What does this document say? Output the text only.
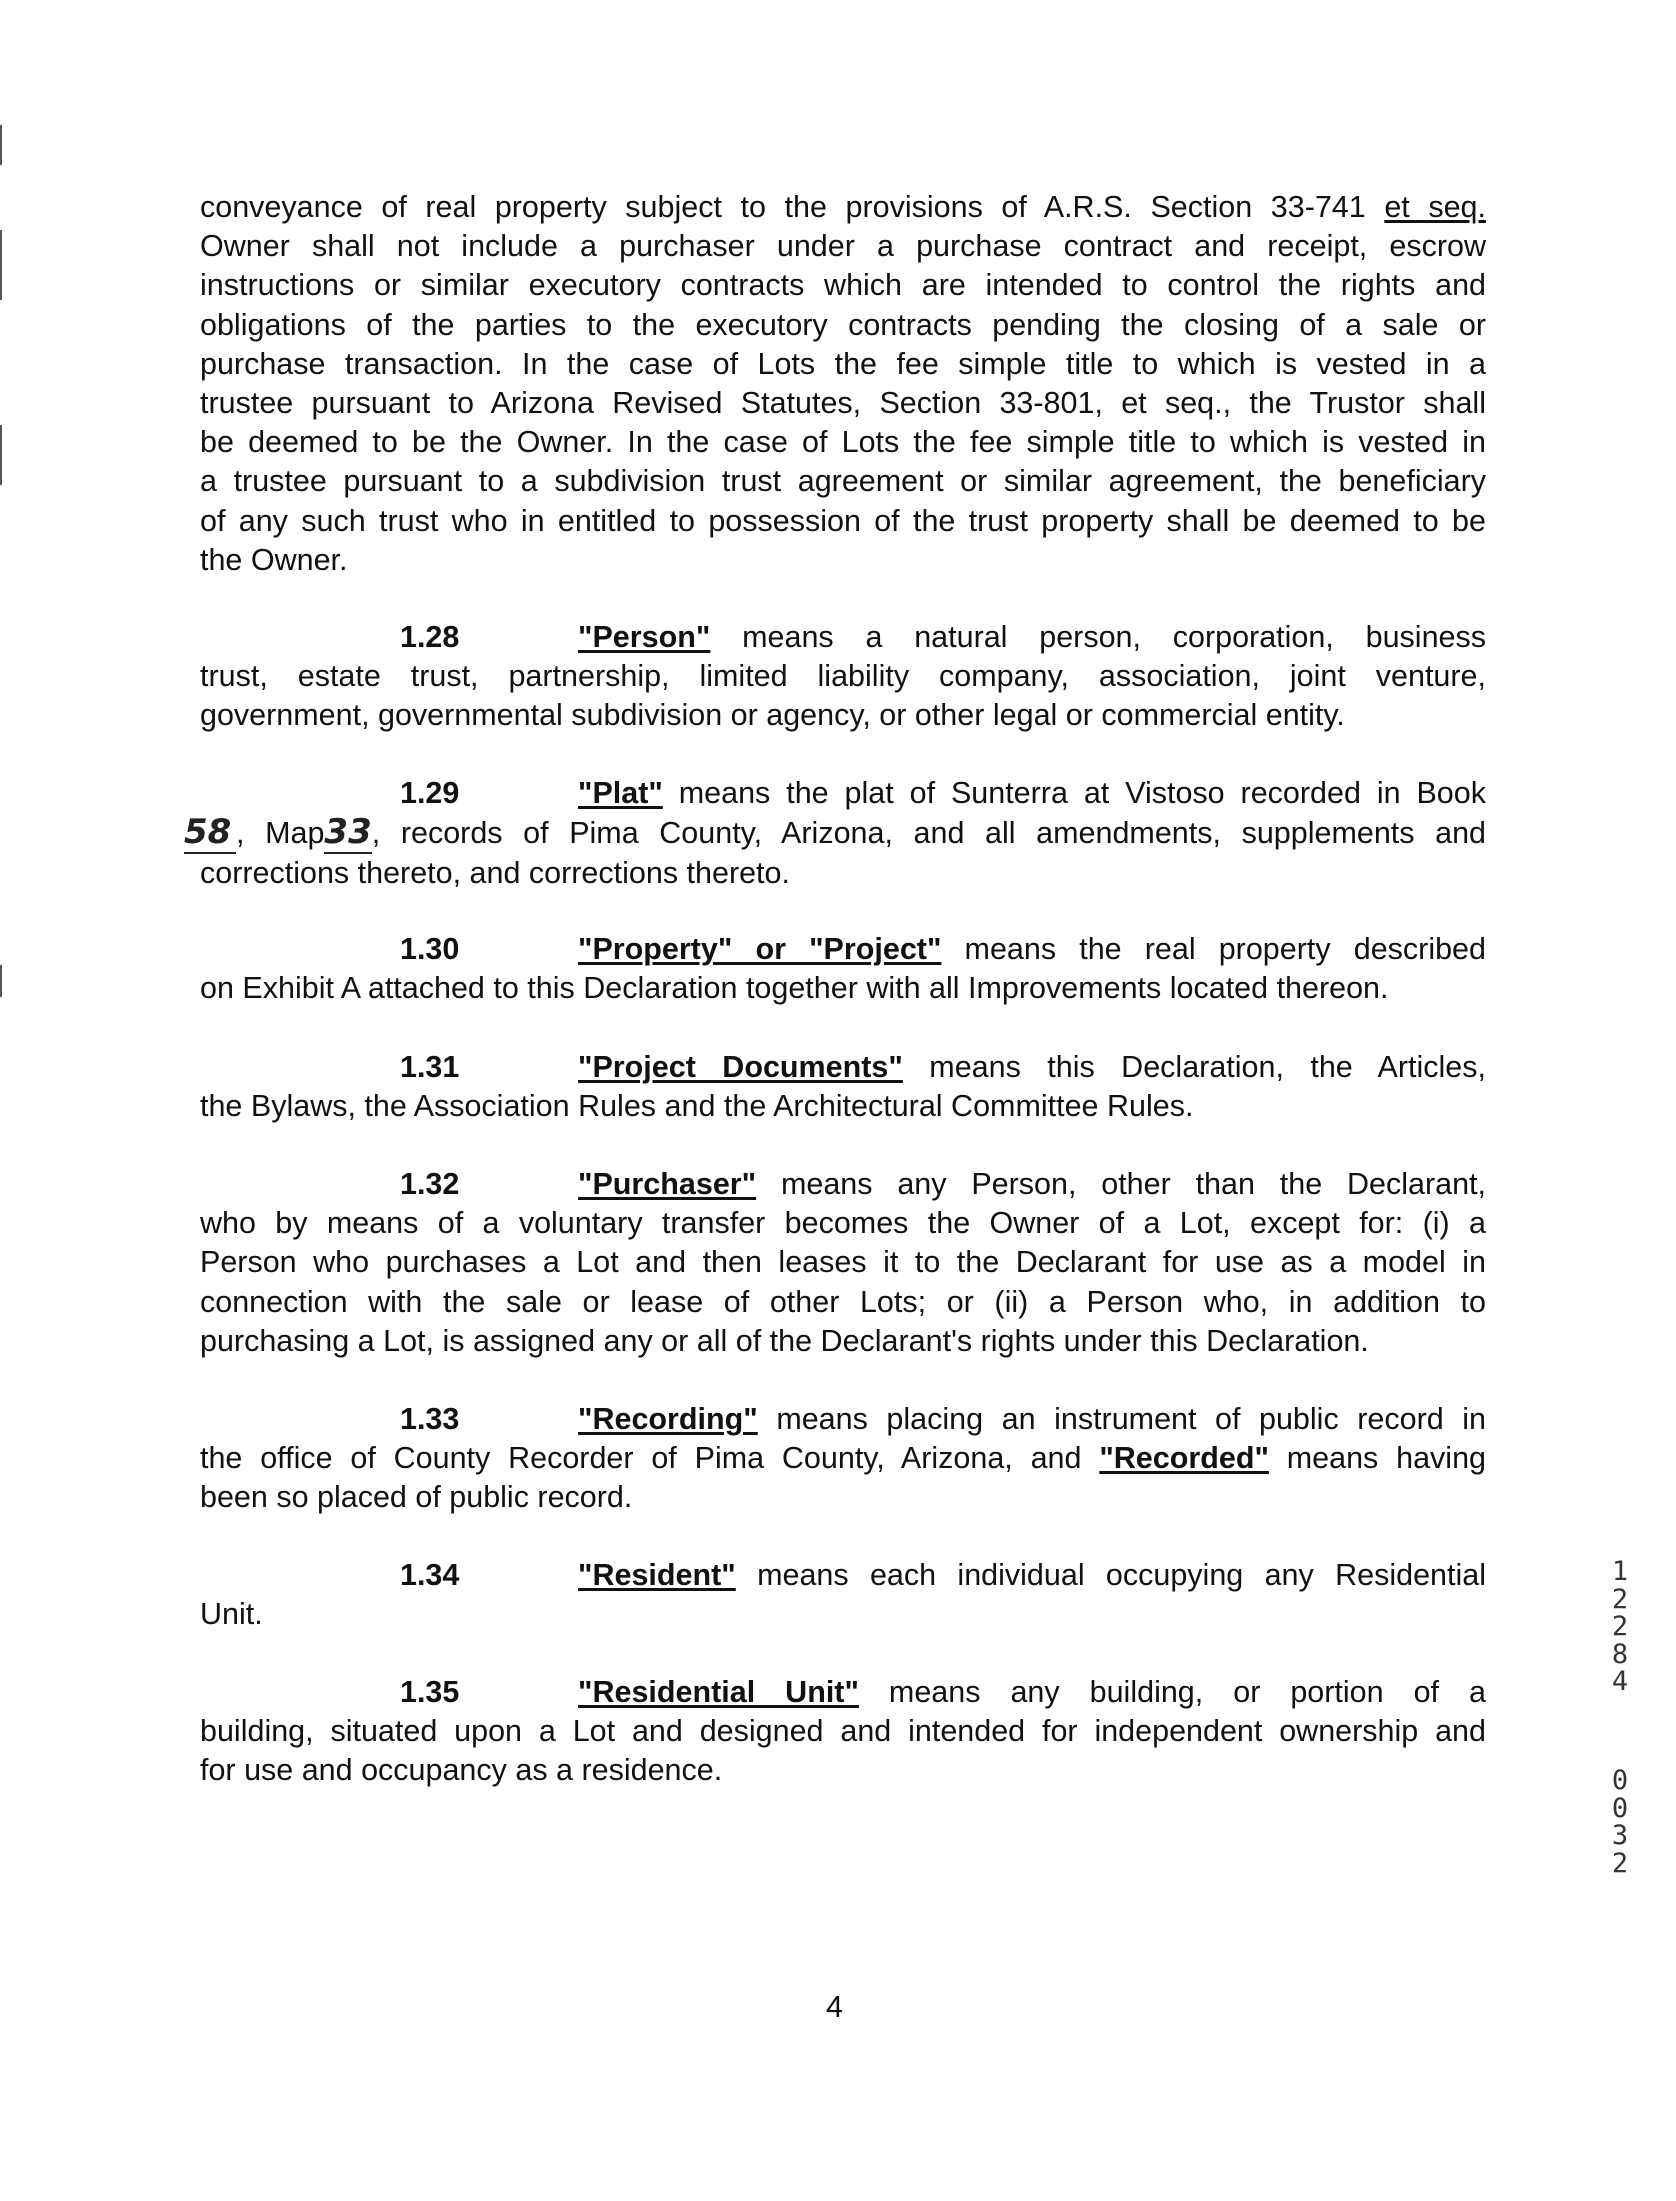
conveyance of real property subject to the provisions of A.R.S. Section 33-741 et seq.
Owner shall not include a purchaser under a purchase contract and receipt, escrow
instructions or similar executory contracts which are intended to control the rights and
obligations of the parties to the executory contracts pending the closing of a sale or
purchase transaction. In the case of Lots the fee simple title to which is vested in a
trustee pursuant to Arizona Revised Statutes, Section 33-801, et seq., the Trustor shall
be deemed to be the Owner. In the case of Lots the fee simple title to which is vested in
a trustee pursuant to a subdivision trust agreement or similar agreement, the beneficiary
of any such trust who in entitled to possession of the trust property shall be deemed to be
the Owner.
1.28	"Person" means a natural person, corporation, business
trust, estate trust, partnership, limited liability company, association, joint venture,
government, governmental subdivision or agency, or other legal or commercial entity.
1.29	"Plat" means the plat of Sunterra at Vistoso recorded in Book
58 , Map33, records of Pima County, Arizona, and all amendments, supplements and
corrections thereto, and corrections thereto.
1.30	"Property" or "Project" means the real property described
on Exhibit A attached to this Declaration together with all Improvements located thereon.
1.31	"Project Documents" means this Declaration, the Articles,
the Bylaws, the Association Rules and the Architectural Committee Rules.
1.32	"Purchaser" means any Person, other than the Declarant,
who by means of a voluntary transfer becomes the Owner of a Lot, except for: (i) a
Person who purchases a Lot and then leases it to the Declarant for use as a model in
connection with the sale or lease of other Lots; or (ii) a Person who, in addition to
purchasing a Lot, is assigned any or all of the Declarant's rights under this Declaration.
1.33	"Recording" means placing an instrument of public record in
the office of County Recorder of Pima County, Arizona, and "Recorded" means having
been so placed of public record.
1.34	"Resident" means each individual occupying any Residential
Unit.
1.35	"Residential Unit" means any building, or portion of a
building, situated upon a Lot and designed and intended for independent ownership and
for use and occupancy as a residence.
1
2
2
8
4
0
0
3
2
4
